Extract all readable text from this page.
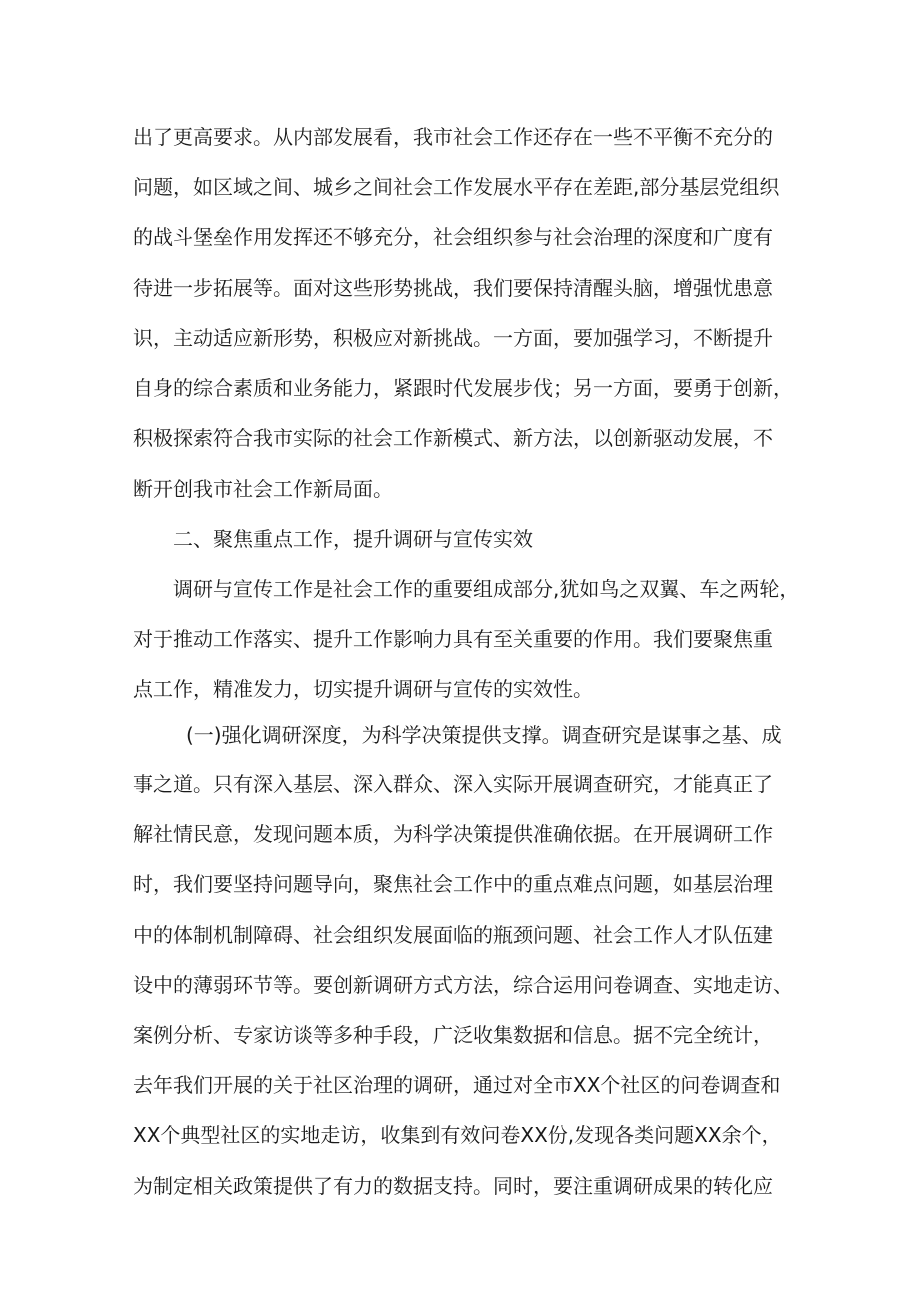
出了更高要求。从内部发展看，我市社会工作还存在一些不平衡不充分的
问题，如区域之间、城乡之间社会工作发展水平存在差距,部分基层党组织
的战斗堡垒作用发挥还不够充分，社会组织参与社会治理的深度和广度有
待进一步拓展等。面对这些形势挑战，我们要保持清醒头脑，增强忧患意
识，主动适应新形势，积极应对新挑战。一方面，要加强学习，不断提升
自身的综合素质和业务能力，紧跟时代发展步伐；另一方面，要勇于创新，
积极探索符合我市实际的社会工作新模式、新方法，以创新驱动发展，不
断开创我市社会工作新局面。
二、聚焦重点工作，提升调研与宣传实效
调研与宣传工作是社会工作的重要组成部分,犹如鸟之双翼、车之两轮，
对于推动工作落实、提升工作影响力具有至关重要的作用。我们要聚焦重
点工作，精准发力，切实提升调研与宣传的实效性。
(一)强化调研深度，为科学决策提供支撑。调查研究是谋事之基、成
事之道。只有深入基层、深入群众、深入实际开展调查研究，才能真正了
解社情民意，发现问题本质，为科学决策提供准确依据。在开展调研工作
时，我们要坚持问题导向，聚焦社会工作中的重点难点问题，如基层治理
中的体制机制障碍、社会组织发展面临的瓶颈问题、社会工作人才队伍建
设中的薄弱环节等。要创新调研方式方法，综合运用问卷调查、实地走访、
案例分析、专家访谈等多种手段，广泛收集数据和信息。据不完全统计，
去年我们开展的关于社区治理的调研，通过对全市XX个社区的问卷调查和
XX个典型社区的实地走访，收集到有效问卷XX份,发现各类问题XX余个，
为制定相关政策提供了有力的数据支持。同时，要注重调研成果的转化应
